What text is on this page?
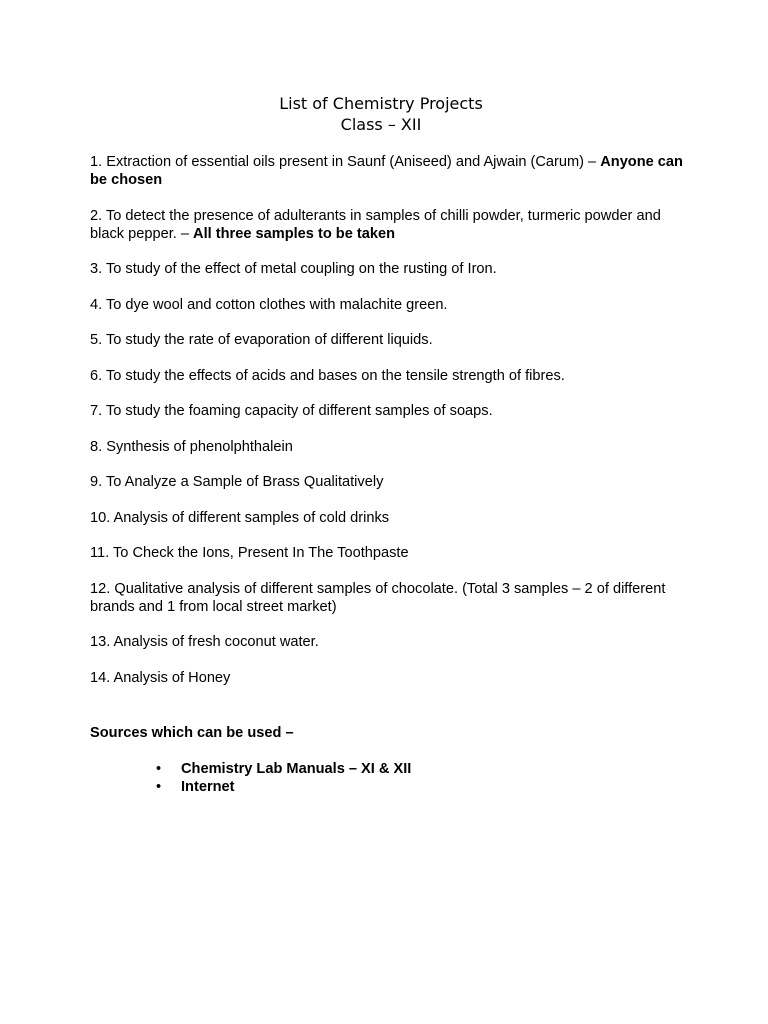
List of Chemistry Projects
Class – XII
1. Extraction of essential oils present in Saunf (Aniseed) and Ajwain (Carum) – Anyone can be chosen
2. To detect the presence of adulterants in samples of chilli powder, turmeric powder and black pepper. – All three samples to be taken
3. To study of the effect of metal coupling on the rusting of Iron.
4. To dye wool and cotton clothes with malachite green.
5. To study the rate of evaporation of different liquids.
6. To study the effects of acids and bases on the tensile strength of fibres.
7. To study the foaming capacity of different samples of soaps.
8. Synthesis of phenolphthalein
9. To Analyze a Sample of Brass Qualitatively
10. Analysis of different samples of cold drinks
11. To Check the Ions, Present In The Toothpaste
12. Qualitative analysis of different samples of chocolate. (Total 3 samples – 2 of different brands and 1 from local street market)
13. Analysis of fresh coconut water.
14. Analysis of Honey
Sources which can be used –
• Chemistry Lab Manuals – XI & XII
• Internet
